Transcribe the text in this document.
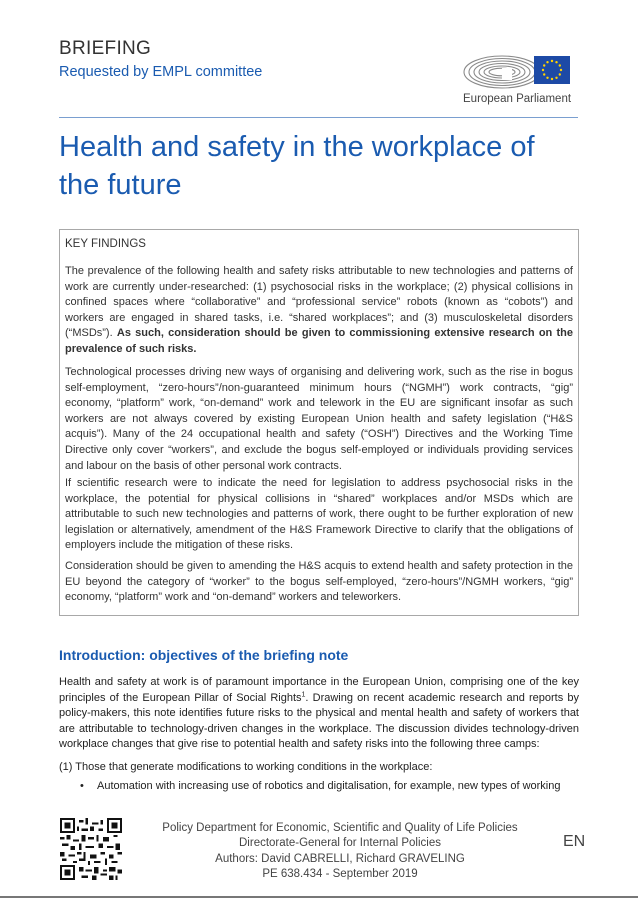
BRIEFING
Requested by EMPL committee
European Parliament
Health and safety in the workplace of the future
KEY FINDINGS
The prevalence of the following health and safety risks attributable to new technologies and patterns of work are currently under-researched: (1) psychosocial risks in the workplace; (2) physical collisions in confined spaces where “collaborative” and “professional service” robots (known as “cobots”) and workers are engaged in shared tasks, i.e. “shared workplaces”; and (3) musculoskeletal disorders (“MSDs”). As such, consideration should be given to commissioning extensive research on the prevalence of such risks.
Technological processes driving new ways of organising and delivering work, such as the rise in bogus self-employment, “zero-hours”/non-guaranteed minimum hours (“NGMH”) work contracts, “gig” economy, “platform” work, “on-demand” work and telework in the EU are significant insofar as such workers are not always covered by existing European Union health and safety legislation (“H&S acquis”). Many of the 24 occupational health and safety (“OSH”) Directives and the Working Time Directive only cover “workers”, and exclude the bogus self-employed or individuals providing services and labour on the basis of other personal work contracts.
If scientific research were to indicate the need for legislation to address psychosocial risks in the workplace, the potential for physical collisions in “shared” workplaces and/or MSDs which are attributable to such new technologies and patterns of work, there ought to be further exploration of new legislation or alternatively, amendment of the H&S Framework Directive to clarify that the obligations of employers include the mitigation of these risks.
Consideration should be given to amending the H&S acquis to extend health and safety protection in the EU beyond the category of “worker” to the bogus self-employed, “zero-hours”/NGMH workers, “gig” economy, “platform” work and “on-demand” workers and teleworkers.
Introduction: objectives of the briefing note
Health and safety at work is of paramount importance in the European Union, comprising one of the key principles of the European Pillar of Social Rights$^1$. Drawing on recent academic research and reports by policy-makers, this note identifies future risks to the physical and mental health and safety of workers that are attributable to technology-driven changes in the workplace. The discussion divides technology-driven workplace changes that give rise to potential health and safety risks into the following three camps:
(1) Those that generate modifications to working conditions in the workplace:
• Automation with increasing use of robotics and digitalisation, for example, new types of working
Policy Department for Economic, Scientific and Quality of Life Policies
Directorate-General for Internal Policies
Authors: David CABRELLI, Richard GRAVELING
PE 638.434 - September 2019
EN
